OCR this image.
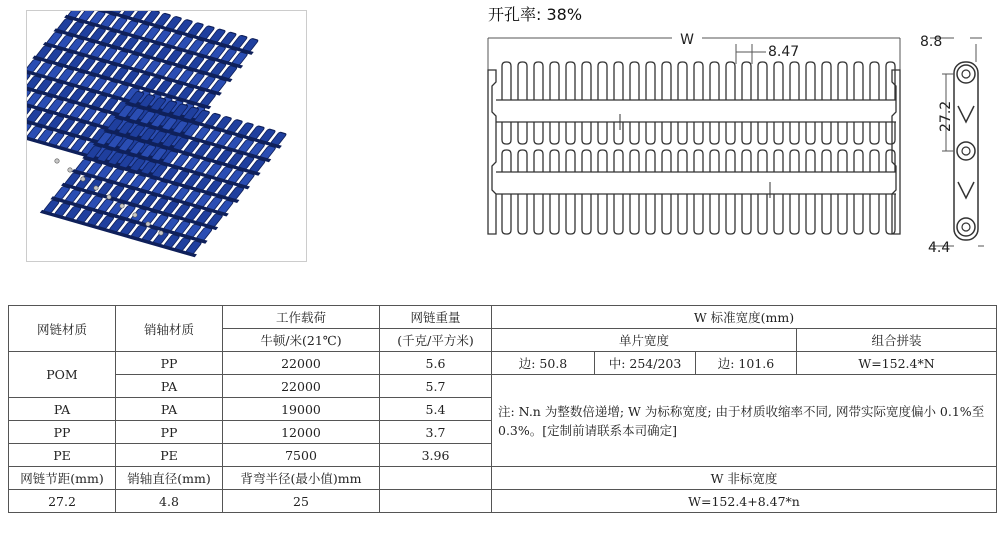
开孔率: 38%
W
8.47
8.8
27.2
4.4
网链材质	销轴材质	工作载荷	网链重量	W 标准宽度(mm)			
		牛顿/米(21℃)	(千克/平方米)	单片宽度			组合拼装
POM	PP	22000	5.6	边: 50.8	中: 254/203	边: 101.6	W=152.4*N
	PA	22000	5.7	注: N.n 为整数倍递增; W 为标称宽度; 由于材质收缩率不同, 网带实际宽度偏小 0.1%至 0.3%。[定制前请联系本司确定]			
PA	PA	19000	5.4				
PP	PP	12000	3.7				
PE	PE	7500	3.96				
网链节距(mm)	销轴直径(mm)	背弯半径(最小值)mm		W 非标宽度			
27.2	4.8	25		W=152.4+8.47*n			
